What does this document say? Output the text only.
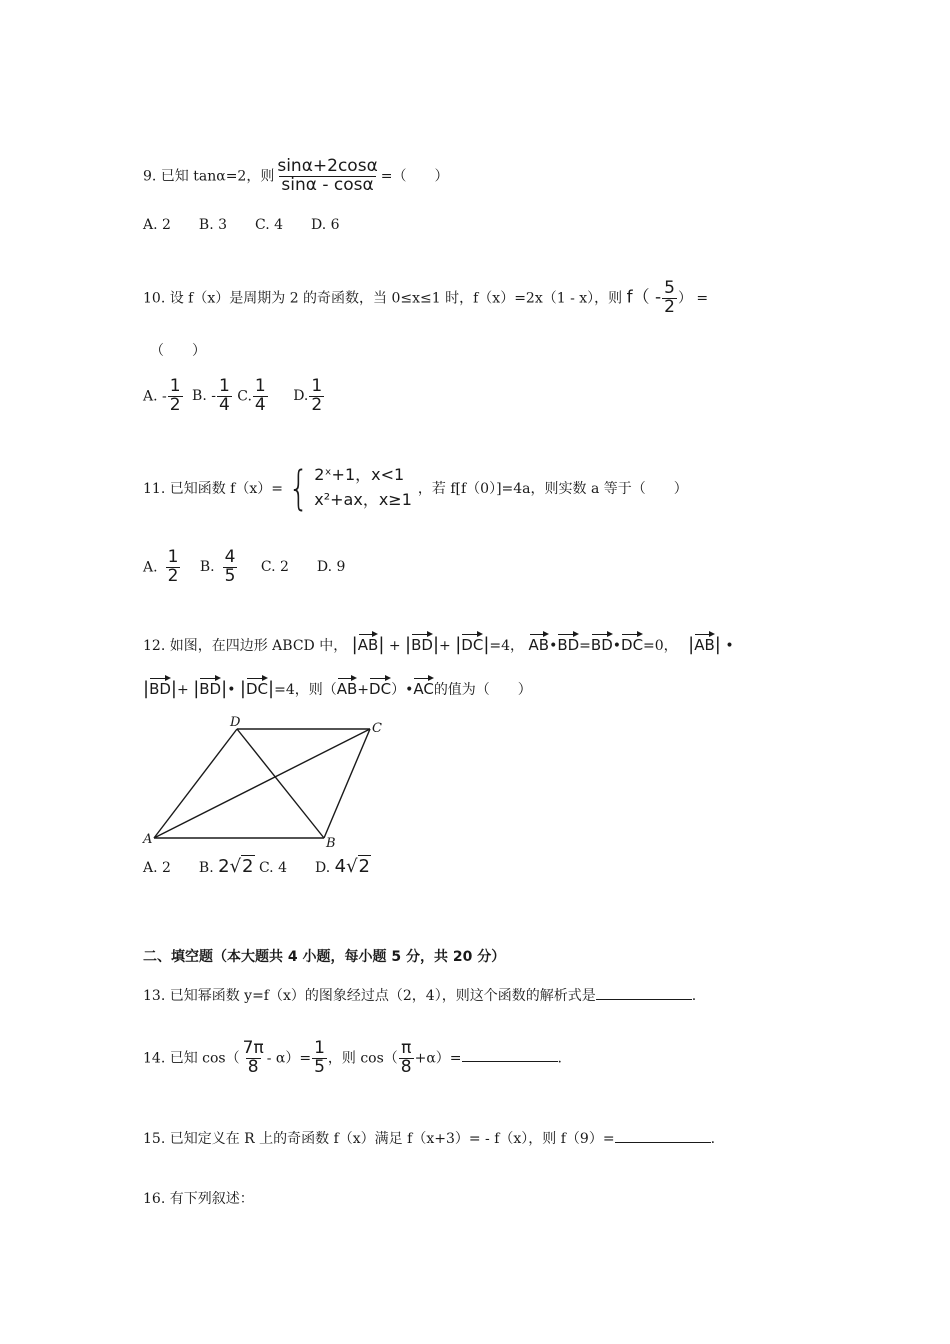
9. 已知 tanα=2，则 $\frac{\sin\alpha+2\cos\alpha}{\sin\alpha - \cos\alpha}$ =（　　）
A. 2　　B. 3　　C. 4　　D. 6
10. 设 f（x）是周期为 2 的奇函数，当 0≤x≤1 时，f（x）=2x（1 - x），则 $f( - \frac{5}{2}$ ） =
（　　）
A. - $\frac{1}{2} B$. - $\frac{1}{4} C$. $\frac{1}{4} D$. $\frac{1}{2}$
11. 已知函数 f（x）= { 2ˣ+1，x<1
x²+ax，x≥1
，若 f[f（0）]=4a，则实数 a 等于（　　）
A. $\frac{1}{2} B$. $\frac{4}{5} C$. 2　　D. 9
12. 如图，在四边形 ABCD 中， |AB| + |BD|+ |DC|=4， AB•BD=BD•DC=0， |AB| •
|BD|+ |BD|• |DC|=4，则（AB+DC）•AC的值为（　　）
A	B
C
D
A. 2　　B. 2√2 C. 4　　D. 4√2
二、填空题（本大题共 4 小题，每小题 5 分，共 20 分）
13. 已知幂函数 y=f（x）的图象经过点（2，4），则这个函数的解析式是	.
14. 已知 $\cos( \frac{7\pi}{8} - \alpha)= \frac{1}{5}$ ，则 $\cos( \frac{\pi}{8} +\alpha)=$	.
15. 已知定义在 R 上的奇函数 f（x）满足 f（x+3）= - f（x），则 f（9）=	.
16. 有下列叙述：
